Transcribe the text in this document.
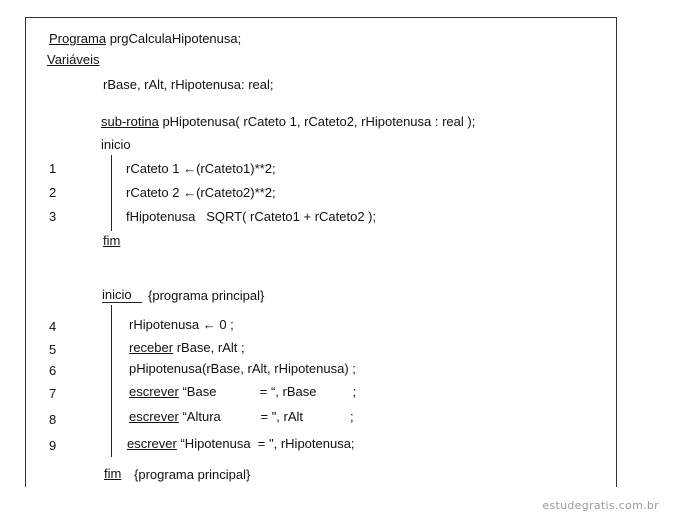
Programa prgCalculaHipotenusa;
Variáveis
rBase, rAlt, rHipotenusa: real;
sub-rotina pHipotenusa( rCateto 1, rCateto2, rHipotenusa : real );
inicio
1	rCateto 1 ←(rCateto1)**2;
2	rCateto 2 ←(rCateto2)**2;
3	fHipotenusa   SQRT( rCateto1 + rCateto2 );
fim
inicio {programa principal}
4	rHipotenusa ← 0 ;
5	receber rBase, rAlt ;
6	pHipotenusa(rBase, rAlt, rHipotenusa) ;
7	escrever “Base            = “, rBase          ;
8	escrever “Altura           = ", rAlt             ;
9	escrever “Hipotenusa  = ", rHipotenusa;
fim {programa principal}
estudegratis.com.br
